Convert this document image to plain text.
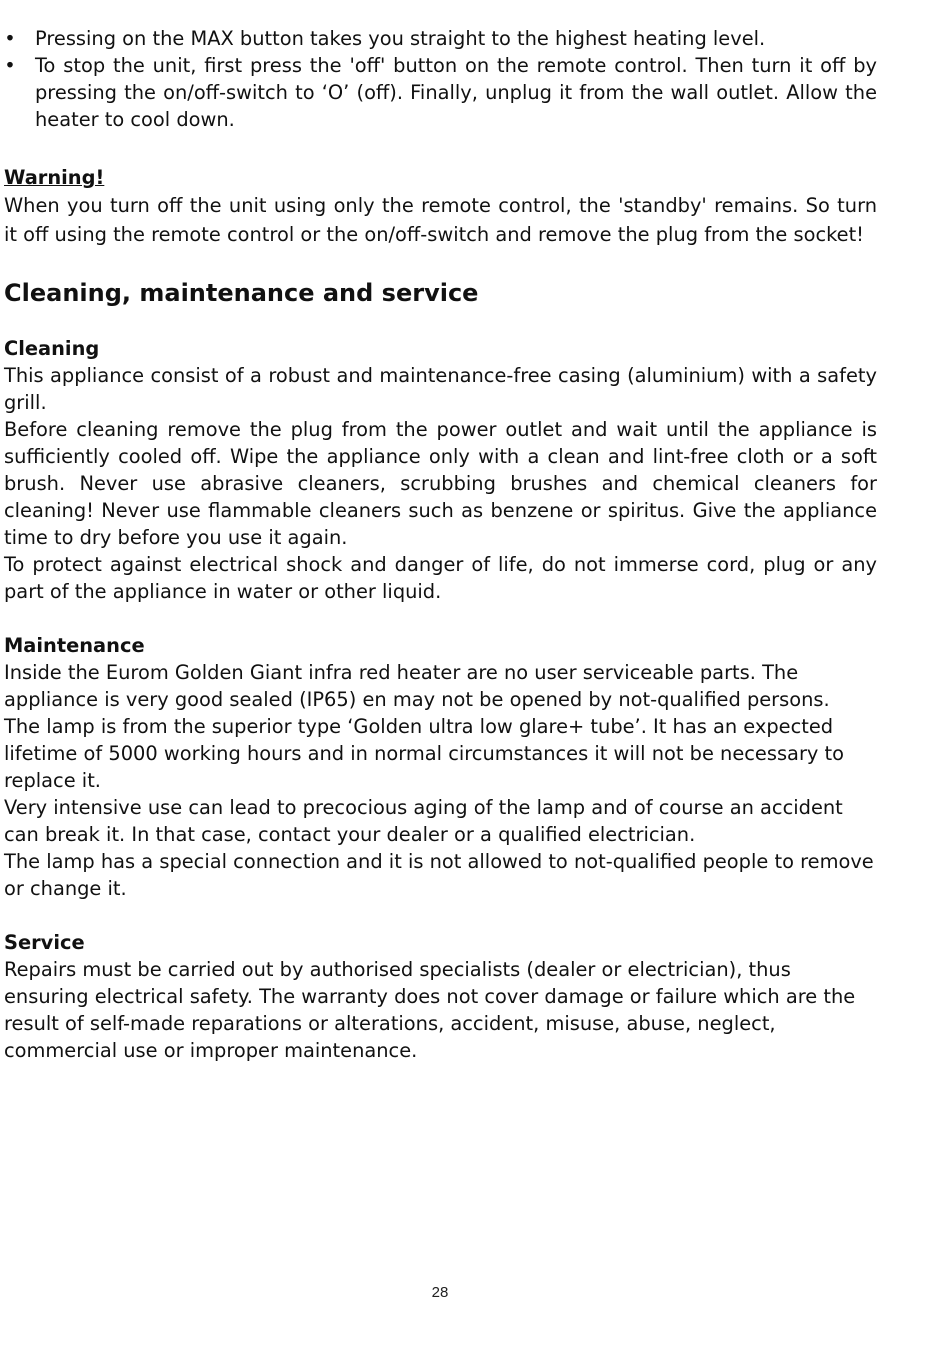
• Pressing on the MAX button takes you straight to the highest heating level.
• To stop the unit, first press the 'off' button on the remote control. Then turn it off by pressing the on/off-switch to ‘O’ (off). Finally, unplug it from the wall outlet. Allow the heater to cool down.
Warning!

When you turn off the unit using only the remote control, the 'standby' remains. So turn it off using the remote control or the on/off-switch and remove the plug from the socket!

Cleaning, maintenance and service
Cleaning

This appliance consist of a robust and maintenance-free casing (aluminium) with a safety grill.

Before cleaning remove the plug from the power outlet and wait until the appliance is sufficiently cooled off. Wipe the appliance only with a clean and lint-free cloth or a soft brush. Never use abrasive cleaners, scrubbing brushes and chemical cleaners for cleaning! Never use flammable cleaners such as benzene or spiritus. Give the appliance time to dry before you use it again.

To protect against electrical shock and danger of life, do not immerse cord, plug or any part of the appliance in water or other liquid.

Maintenance

Inside the Eurom Golden Giant infra red heater are no user serviceable parts. The appliance is very good sealed (IP65) en may not be opened by not-qualified persons.

The lamp is from the superior type ‘Golden ultra low glare+ tube’. It has an expected lifetime of 5000 working hours and in normal circumstances it will not be necessary to replace it.

Very intensive use can lead to precocious aging of the lamp and of course an accident can break it. In that case, contact your dealer or a qualified electrician.

The lamp has a special connection and it is not allowed to not-qualified people to remove or change it.

Service

Repairs must be carried out by authorised specialists (dealer or electrician), thus ensuring electrical safety. The warranty does not cover damage or failure which are the result of self-made reparations or alterations, accident, misuse, abuse, neglect, commercial use or improper maintenance.

28
